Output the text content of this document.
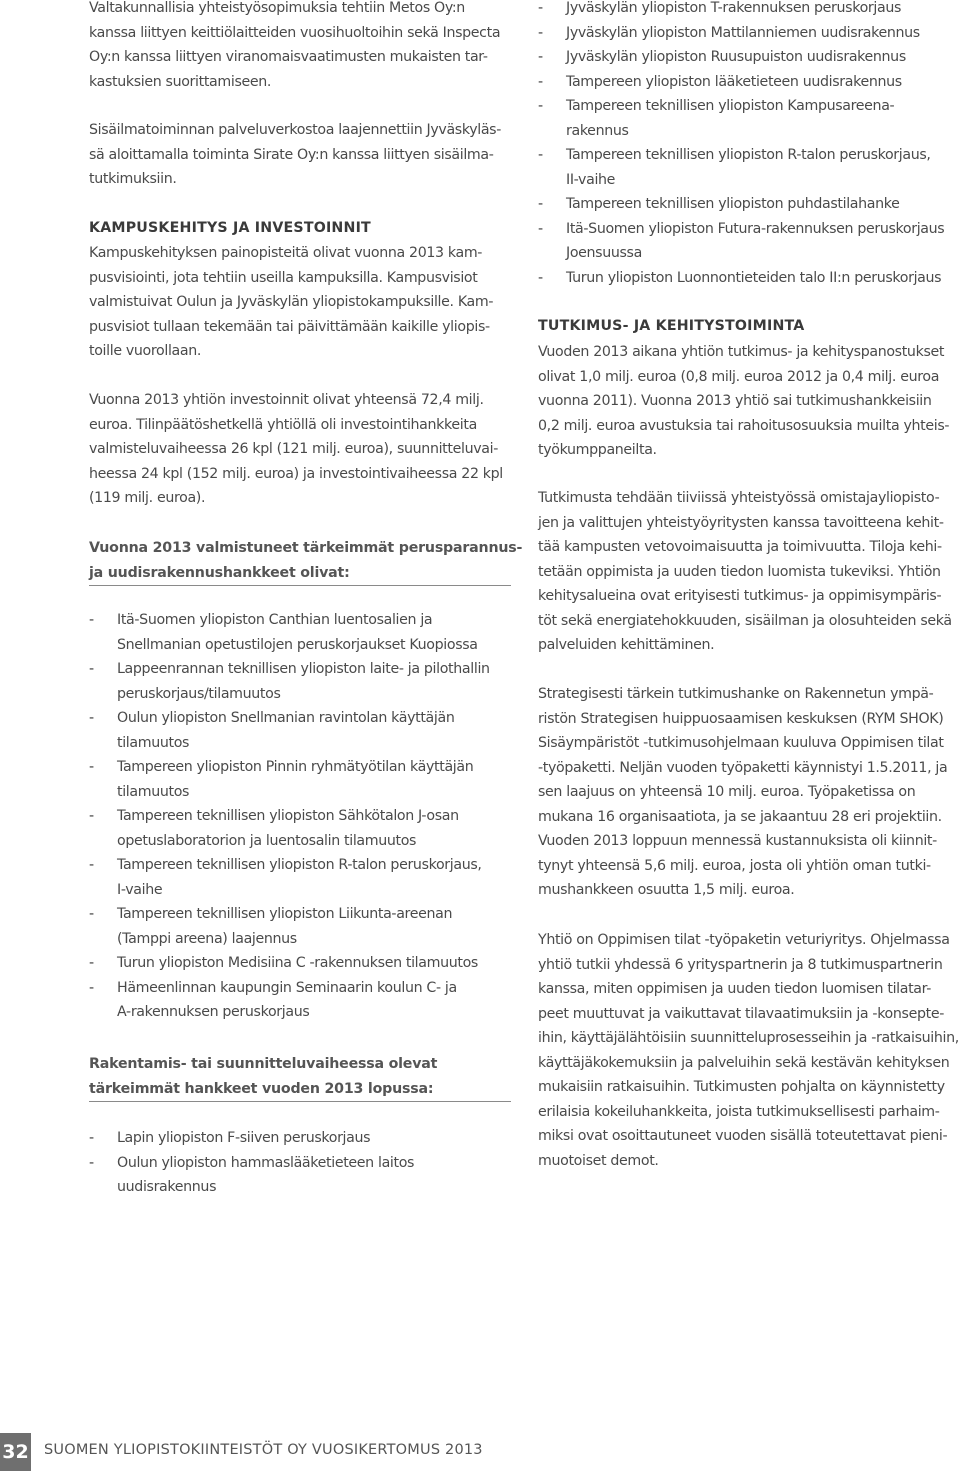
Valtakunnallisia yhteistyösopimuksia tehtiin Metos Oy:n
kanssa liittyen keittiölaitteiden vuosihuoltoihin sekä Inspecta
Oy:n kanssa liittyen viranomaisvaatimusten mukaisten tar-
kastuksien suorittamiseen.
Sisäilmatoiminnan palveluverkostoa laajennettiin Jyväskyläs-
sä aloittamalla toiminta Sirate Oy:n kanssa liittyen sisäilma-
tutkimuksiin.
KAMPUSKEHITYS JA INVESTOINNIT
Kampuskehityksen painopisteitä olivat vuonna 2013 kam-
pusvisiointi, jota tehtiin useilla kampuksilla. Kampusvisiot
valmistuivat Oulun ja Jyväskylän yliopistokampuksille. Kam-
pusvisiot tullaan tekemään tai päivittämään kaikille yliopis-
toille vuorollaan.
Vuonna 2013 yhtiön investoinnit olivat yhteensä 72,4 milj.
euroa. Tilinpäätöshetkellä yhtiöllä oli investointihankkeita
valmisteluvaiheessa 26 kpl (121 milj. euroa), suunnitteluvai-
heessa 24 kpl (152 milj. euroa) ja investointivaiheessa 22 kpl
(119 milj. euroa).
Vuonna 2013 valmistuneet tärkeimmät perusparannus-
ja uudisrakennushankkeet olivat:
- Itä-Suomen yliopiston Canthian luentosalien ja
Snellmanian opetustilojen peruskorjaukset Kuopiossa
- Lappeenrannan teknillisen yliopiston laite- ja pilothallin
peruskorjaus/tilamuutos
- Oulun yliopiston Snellmanian ravintolan käyttäjän
tilamuutos
- Tampereen yliopiston Pinnin ryhmätyötilan käyttäjän
tilamuutos
- Tampereen teknillisen yliopiston Sähkötalon J-osan
opetuslaboratorion ja luentosalin tilamuutos
- Tampereen teknillisen yliopiston R-talon peruskorjaus,
I-vaihe
- Tampereen teknillisen yliopiston Liikunta-areenan
(Tamppi areena) laajennus
- Turun yliopiston Medisiina C -rakennuksen tilamuutos
- Hämeenlinnan kaupungin Seminaarin koulun C- ja
A-rakennuksen peruskorjaus
Rakentamis- tai suunnitteluvaiheessa olevat
tärkeimmät hankkeet vuoden 2013 lopussa:
- Lapin yliopiston F-siiven peruskorjaus
- Oulun yliopiston hammaslääketieteen laitos
uudisrakennus
- Jyväskylän yliopiston T-rakennuksen peruskorjaus
- Jyväskylän yliopiston Mattilanniemen uudisrakennus
- Jyväskylän yliopiston Ruusupuiston uudisrakennus
- Tampereen yliopiston lääketieteen uudisrakennus
- Tampereen teknillisen yliopiston Kampusareena-
rakennus
- Tampereen teknillisen yliopiston R-talon peruskorjaus,
II-vaihe
- Tampereen teknillisen yliopiston puhdastilahanke
- Itä-Suomen yliopiston Futura-rakennuksen peruskorjaus
Joensuussa
- Turun yliopiston Luonnontieteiden talo II:n peruskorjaus
TUTKIMUS- JA KEHITYSTOIMINTA
Vuoden 2013 aikana yhtiön tutkimus- ja kehityspanostukset
olivat 1,0 milj. euroa (0,8 milj. euroa 2012 ja 0,4 milj. euroa
vuonna 2011). Vuonna 2013 yhtiö sai tutkimushankkeisiin
0,2 milj. euroa avustuksia tai rahoitusosuuksia muilta yhteis-
työkumppaneilta.
Tutkimusta tehdään tiiviissä yhteistyössä omistajayliopisto-
jen ja valittujen yhteistyöyritysten kanssa tavoitteena kehit-
tää kampusten vetovoimaisuutta ja toimivuutta. Tiloja kehi-
tetään oppimista ja uuden tiedon luomista tukeviksi. Yhtiön
kehitysalueina ovat erityisesti tutkimus- ja oppimisympäris-
töt sekä energiatehokkuuden, sisäilman ja olosuhteiden sekä
palveluiden kehittäminen.
Strategisesti tärkein tutkimushanke on Rakennetun ympä-
ristön Strategisen huippuosaamisen keskuksen (RYM SHOK)
Sisäympäristöt -tutkimusohjelmaan kuuluva Oppimisen tilat
-työpaketti. Neljän vuoden työpaketti käynnistyi 1.5.2011, ja
sen laajuus on yhteensä 10 milj. euroa. Työpaketissa on
mukana 16 organisaatiota, ja se jakaantuu 28 eri projektiin.
Vuoden 2013 loppuun mennessä kustannuksista oli kiinnit-
tynyt yhteensä 5,6 milj. euroa, josta oli yhtiön oman tutki-
mushankkeen osuutta 1,5 milj. euroa.
Yhtiö on Oppimisen tilat -työpaketin veturiyritys. Ohjelmassa
yhtiö tutkii yhdessä 6 yrityspartnerin ja 8 tutkimuspartnerin
kanssa, miten oppimisen ja uuden tiedon luomisen tilatar-
peet muuttuvat ja vaikuttavat tilavaatimuksiin ja -konsepte-
ihin, käyttäjälähtöisiin suunnitteluprosesseihin ja -ratkaisuihin,
käyttäjäkokemuksiin ja palveluihin sekä kestävän kehityksen
mukaisiin ratkaisuihin. Tutkimusten pohjalta on käynnistetty
erilaisia kokeiluhankkeita, joista tutkimuksellisesti parhaim-
miksi ovat osoittautuneet vuoden sisällä toteutettavat pieni-
muotoiset demot.
32 SUOMEN YLIOPISTOKIINTEISTÖT OY VUOSIKERTOMUS 2013
